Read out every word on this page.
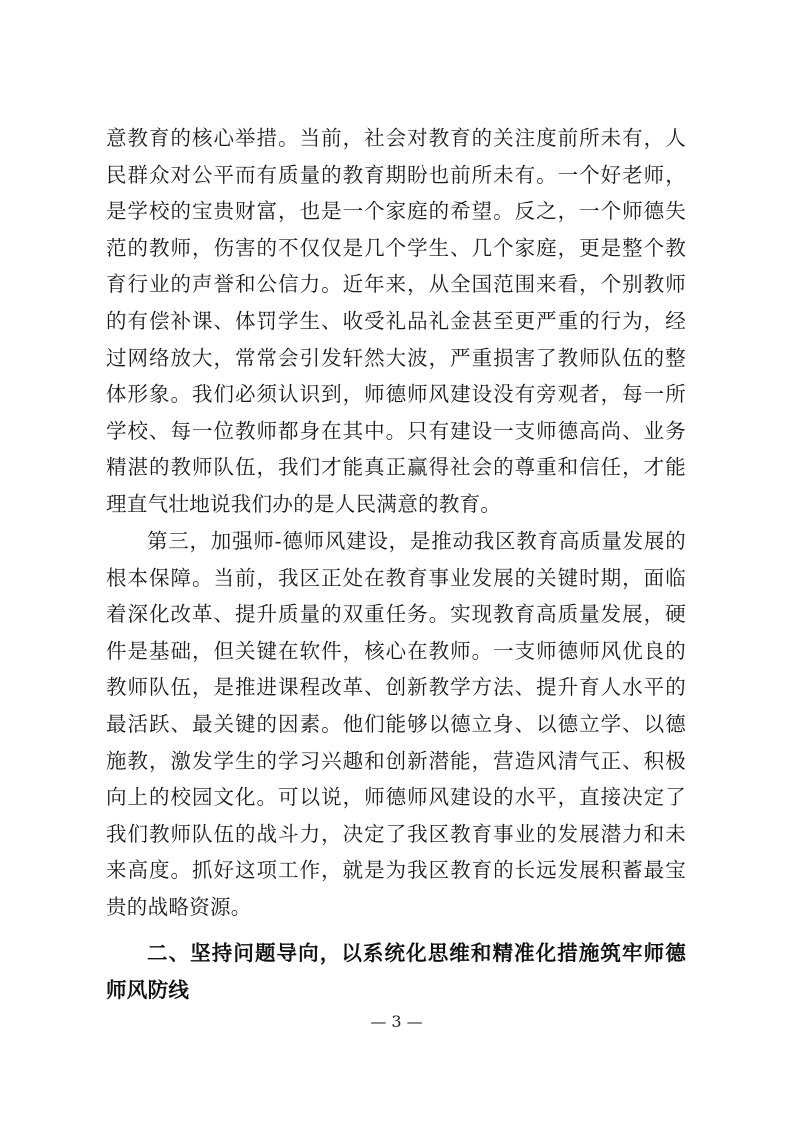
意教育的核心举措。当前，社会对教育的关注度前所未有，人民群众对公平而有质量的教育期盼也前所未有。一个好老师，是学校的宝贵财富，也是一个家庭的希望。反之，一个师德失范的教师，伤害的不仅仅是几个学生、几个家庭，更是整个教育行业的声誉和公信力。近年来，从全国范围来看，个别教师的有偿补课、体罚学生、收受礼品礼金甚至更严重的行为，经过网络放大，常常会引发轩然大波，严重损害了教师队伍的整体形象。我们必须认识到，师德师风建设没有旁观者，每一所学校、每一位教师都身在其中。只有建设一支师德高尚、业务精湛的教师队伍，我们才能真正赢得社会的尊重和信任，才能理直气壮地说我们办的是人民满意的教育。

第三，加强师-德师风建设，是推动我区教育高质量发展的根本保障。当前，我区正处在教育事业发展的关键时期，面临着深化改革、提升质量的双重任务。实现教育高质量发展，硬件是基础，但关键在软件，核心在教师。一支师德师风优良的教师队伍，是推进课程改革、创新教学方法、提升育人水平的最活跃、最关键的因素。他们能够以德立身、以德立学、以德施教，激发学生的学习兴趣和创新潜能，营造风清气正、积极向上的校园文化。可以说，师德师风建设的水平，直接决定了我们教师队伍的战斗力，决定了我区教育事业的发展潜力和未来高度。抓好这项工作，就是为我区教育的长远发展积蓄最宝贵的战略资源。

二、坚持问题导向，以系统化思维和精准化措施筑牢师德师风防线
— 3 —
